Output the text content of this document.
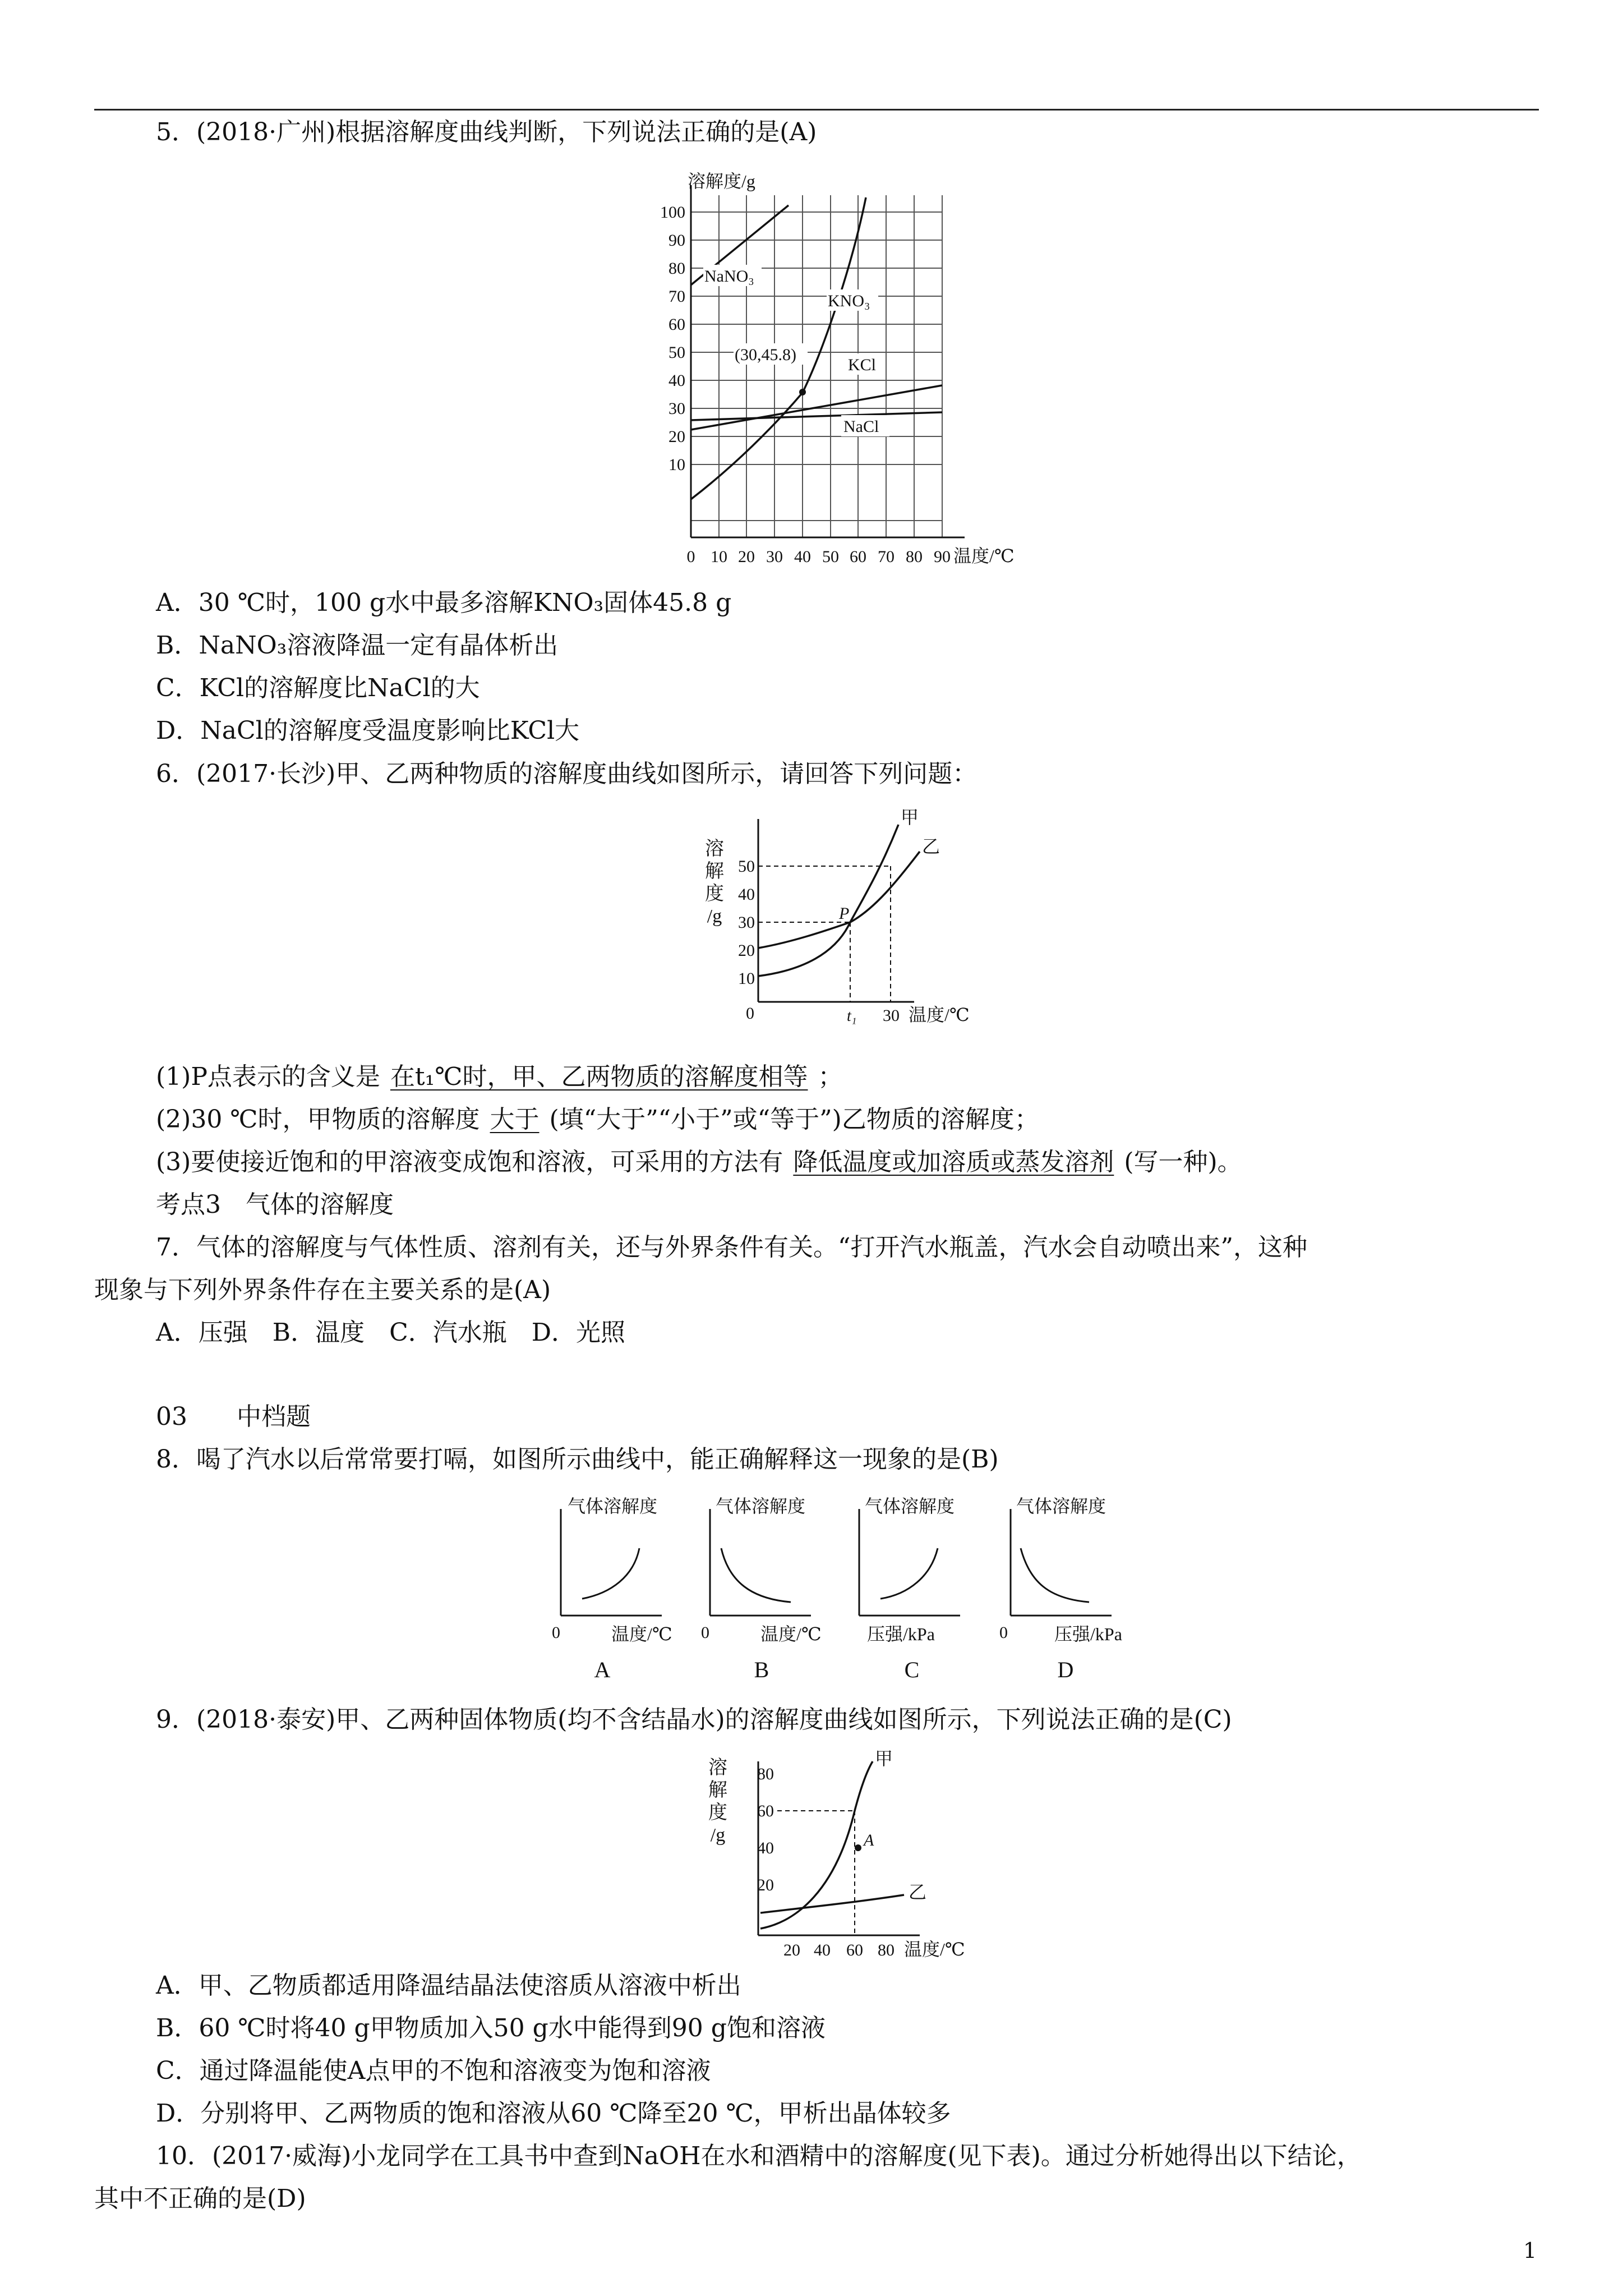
5．(2018·广州)根据溶解度曲线判断，下列说法正确的是(A)
溶解度/g
100
90
80
70
60
50
40
30
20
10
0 10 20 30 40 50 60 70 80 90 温度/℃
NaNO₃
KNO₃
(30,45.8)
KCl
NaCl
A．30 ℃时，100 g水中最多溶解KNO₃固体45.8 g
B．NaNO₃溶液降温一定有晶体析出
C．KCl的溶解度比NaCl的大
D．NaCl的溶解度受温度影响比KCl大
6．(2017·长沙)甲、乙两种物质的溶解度曲线如图所示，请回答下列问题：
溶
解
度
/g
50
40
30
20
10
0
甲
乙
P
t₁ 30 温度/℃
(1)P点表示的含义是 在t₁℃时，甲、乙两物质的溶解度相等 ；
(2)30 ℃时，甲物质的溶解度 大于 (填“大于”“小于”或“等于”)乙物质的溶解度；
(3)要使接近饱和的甲溶液变成饱和溶液，可采用的方法有 降低温度或加溶质或蒸发溶剂 (写一种)。
考点3　气体的溶解度
7．气体的溶解度与气体性质、溶剂有关，还与外界条件有关。“打开汽水瓶盖，汽水会自动喷出来”，这种
现象与下列外界条件存在主要关系的是(A)
A．压强　B．温度　C．汽水瓶　D．光照
03　　中档题
8．喝了汽水以后常常要打嗝，如图所示曲线中，能正确解释这一现象的是(B)
气体溶解度
0	温度/℃
A
气体溶解度
0	温度/℃
B
气体溶解度
压强/kPa
C
气体溶解度
0	压强/kPa
D
9．(2018·泰安)甲、乙两种固体物质(均不含结晶水)的溶解度曲线如图所示，下列说法正确的是(C)
溶
解
度
/g
80
60
40
20
20 40 60 80 温度/℃
A
甲
乙
A．甲、乙物质都适用降温结晶法使溶质从溶液中析出
B．60 ℃时将40 g甲物质加入50 g水中能得到90 g饱和溶液
C．通过降温能使A点甲的不饱和溶液变为饱和溶液
D．分别将甲、乙两物质的饱和溶液从60 ℃降至20 ℃，甲析出晶体较多
10．(2017·威海)小龙同学在工具书中查到NaOH在水和酒精中的溶解度(见下表)。通过分析她得出以下结论，
其中不正确的是(D)
1
